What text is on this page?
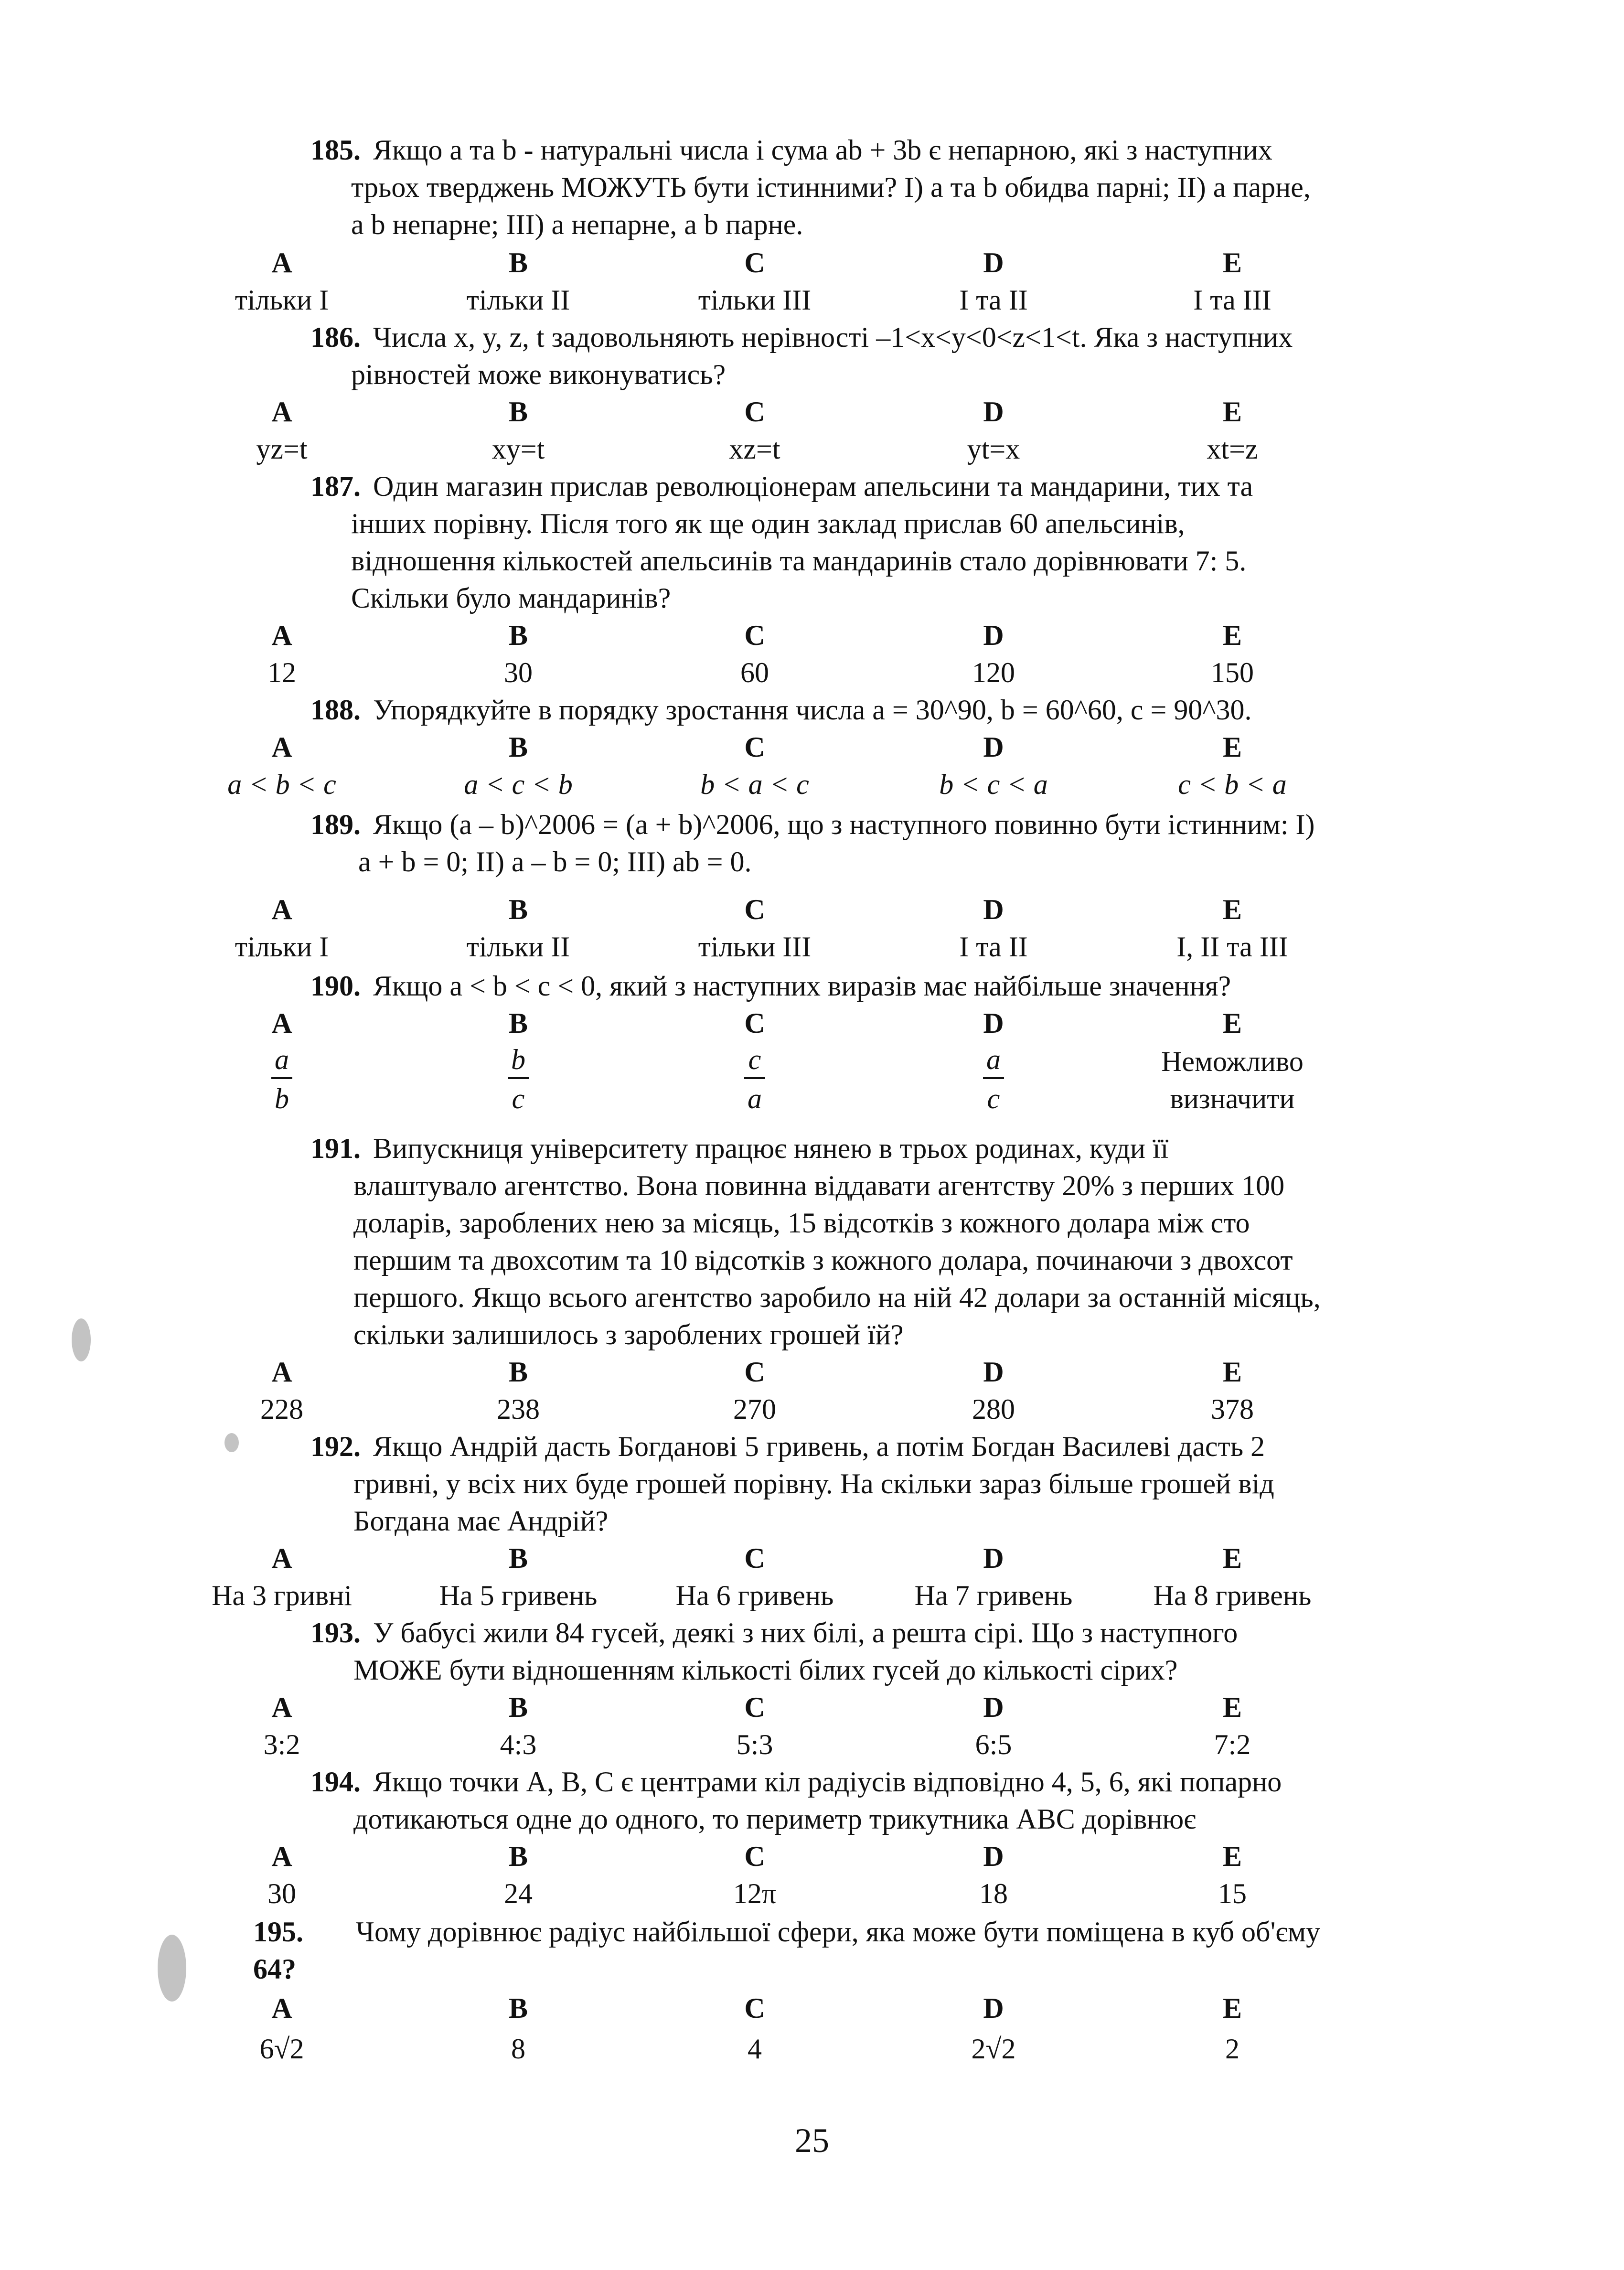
185. Якщо a та b - натуральні числа і сума ab + 3b є непарною, які з наступних
трьох тверджень МОЖУТЬ бути істинними? I) a та b обидва парні; II) a парне,
a b непарне; III) a непарне, a b парне.
A	B	C	D	E
тільки I	тільки II	тільки III	I та II	I та III
186. Числа x, y, z, t задовольняють нерівності –1<x<y<0<z<1<t. Яка з наступних
рівностей може виконуватись?
A	B	C	D	E
yz=t	xy=t	xz=t	yt=x	xt=z
187. Один магазин прислав революціонерам апельсини та мандарини, тих та
інших порівну. Після того як ще один заклад прислав 60 апельсинів,
відношення кількостей апельсинів та мандаринів стало дорівнювати 7: 5.
Скільки було мандаринів?
A	B	C	D	E
12	30	60	120	150
188. Упорядкуйте в порядку зростання числа a = 30^90, b = 60^60, c = 90^30.
A	B	C	D	E
a < b < c	a < c < b	b < a < c	b < c < a	c < b < a
189. Якщо (a – b)^2006 = (a + b)^2006, що з наступного повинно бути істинним: I)
a + b = 0; II) a – b = 0; III) ab = 0.
A	B	C	D	E
тільки I	тільки II	тільки III	I та II	I, II та III
190. Якщо a < b < c < 0, який з наступних виразів має найбільше значення?
A	B	C	D	E
$\frac{a}{b}$	$\frac{b}{c}$	$\frac{c}{a}$	$\frac{a}{c}$	Неможливо
визначити
191. Випускниця університету працює нянею в трьох родинах, куди її
влаштувало агентство. Вона повинна віддавати агентству 20% з перших 100
доларів, зароблених нею за місяць, 15 відсотків з кожного долара між сто
першим та двохсотим та 10 відсотків з кожного долара, починаючи з двохсот
першого. Якщо всього агентство заробило на ній 42 долари за останній місяць,
скільки залишилось з зароблених грошей їй?
A	B	C	D	E
228	238	270	280	378
192. Якщо Андрій дасть Богданові 5 гривень, а потім Богдан Василеві дасть 2
гривні, у всіх них буде грошей порівну. На скільки зараз більше грошей від
Богдана має Андрій?
A	B	C	D	E
На 3 гривні	На 5 гривень	На 6 гривень	На 7 гривень	На 8 гривень
193. У бабусі жили 84 гусей, деякі з них білі, а решта сірі. Що з наступного
МОЖЕ бути відношенням кількості білих гусей до кількості сірих?
A	B	C	D	E
3:2	4:3	5:3	6:5	7:2
194. Якщо точки А, В, С є центрами кіл радіусів відповідно 4, 5, 6, які попарно
дотикаються одне до одного, то периметр трикутника АВС дорівнює
A	B	C	D	E
30	24	12π	18	15
195. Чому дорівнює радіус найбільшої сфери, яка може бути поміщена в куб об'єму
64?
A	B	C	D	E
6√2	8	4	2√2	2
25
